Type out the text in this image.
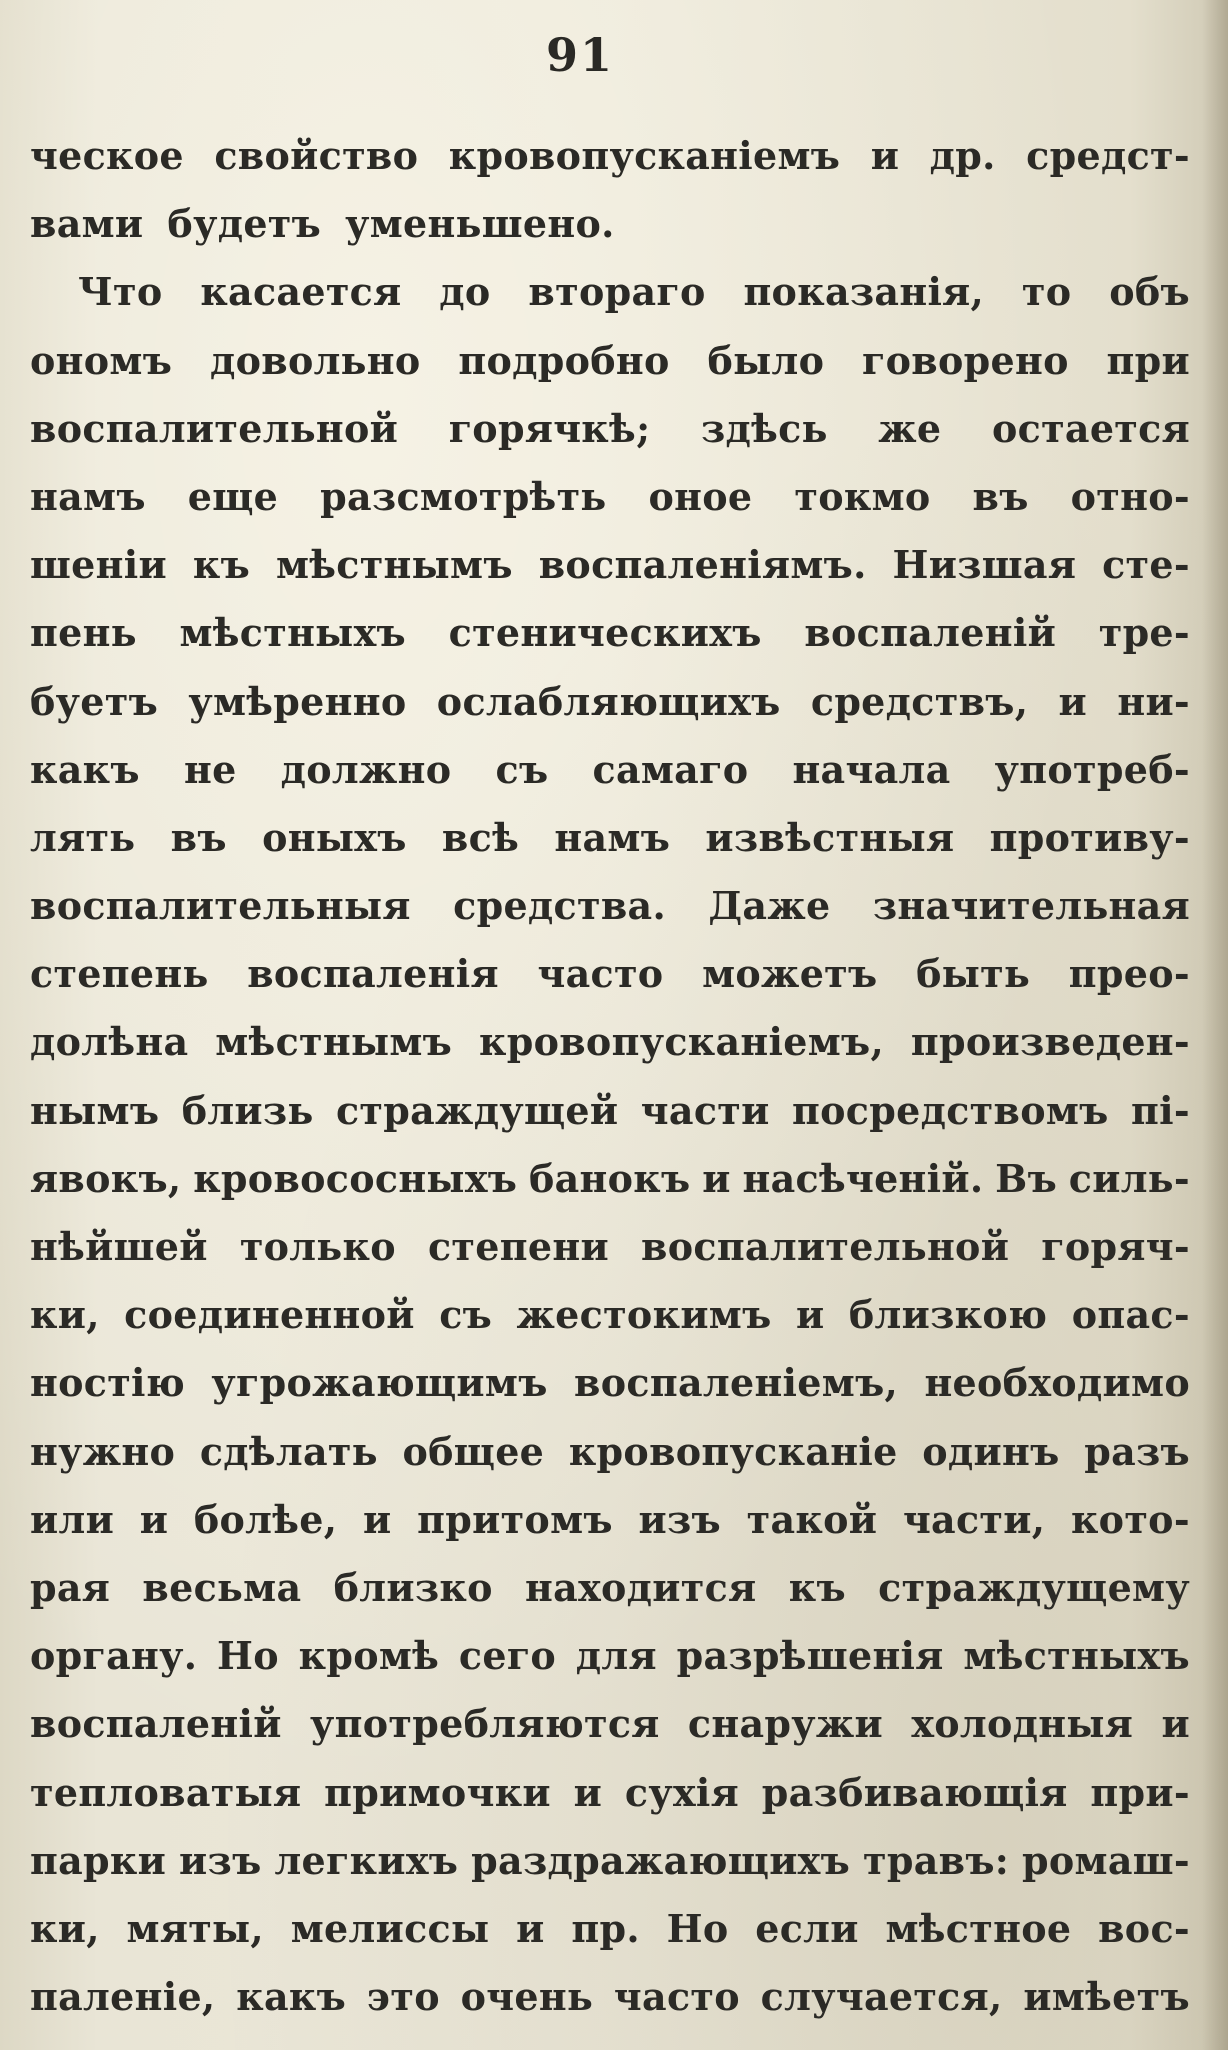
91
ческое свойство кровопусканіемъ и др. средст-
вами будетъ уменьшено.
Что касается до втораго показанія, то объ
ономъ довольно подробно было говорено при
воспалительной горячкѣ; здѣсь же остается
намъ еще разсмотрѣть оное токмо въ отно-
шеніи къ мѣстнымъ воспаленіямъ. Низшая сте-
пень мѣстныхъ стеническихъ воспаленій тре-
буетъ умѣренно ослабляющихъ средствъ, и ни-
какъ не должно съ самаго начала употреб-
лять въ оныхъ всѣ намъ извѣстныя противу-
воспалительныя средства. Даже значительная
степень воспаленія часто можетъ быть прео-
долѣна мѣстнымъ кровопусканіемъ, произведен-
нымъ близь страждущей части посредствомъ пі-
явокъ, кровососныхъ банокъ и насѣченій. Въ силь-
нѣйшей только степени воспалительной горяч-
ки, соединенной съ жестокимъ и близкою опас-
ностію угрожающимъ воспаленіемъ, необходимо
нужно сдѣлать общее кровопусканіе одинъ разъ
или и болѣе, и притомъ изъ такой части, кото-
рая весьма близко находится къ страждущему
органу. Но кромѣ сего для разрѣшенія мѣстныхъ
воспаленій употребляются снаружи холодныя и
тепловатыя примочки и сухія разбивающія при-
парки изъ легкихъ раздражающихъ травъ: ромаш-
ки, мяты, мелиссы и пр. Но если мѣстное вос-
паленіе, какъ это очень часто случается, имѣетъ
